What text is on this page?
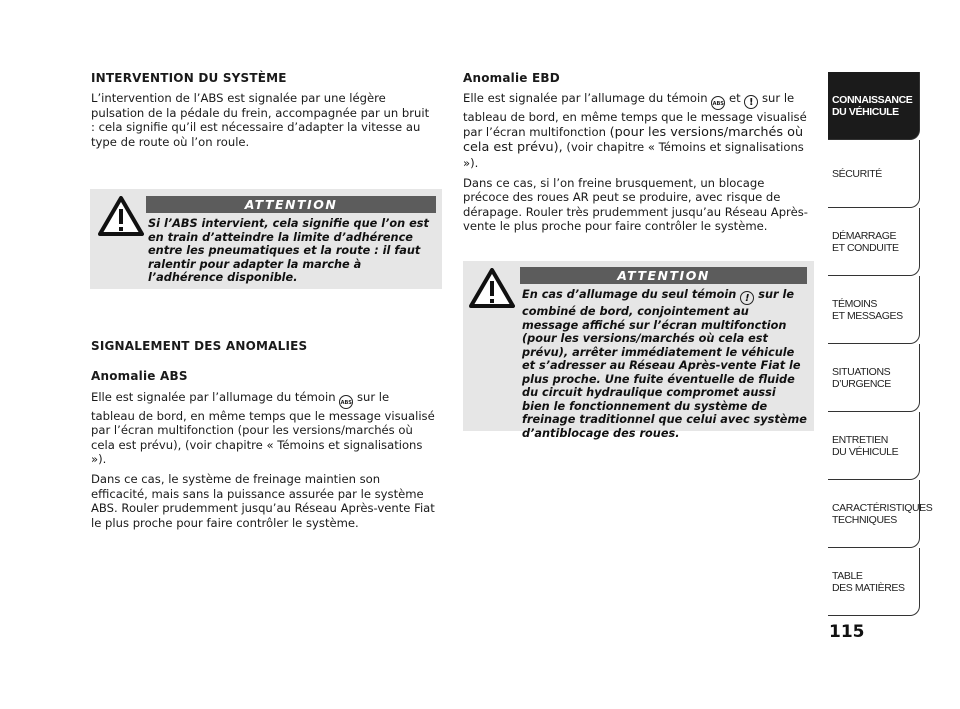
INTERVENTION DU SYSTÈME

L’intervention de l’ABS est signalée par une légère pulsation de la pédale du frein, accompagnée par un bruit : cela signifie qu’il est nécessaire d’adapter la vitesse au type de route où l’on roule.

ATTENTION
Si l’ABS intervient, cela signifie que l’on est en train d’atteindre la limite d’adhérence entre les pneumatiques et la route : il faut ralentir pour adapter la marche à l’adhérence disponible.
SIGNALEMENT DES ANOMALIES
Anomalie ABS

Elle est signalée par l’allumage du témoin ABS sur le tableau de bord, en même temps que le message visualisé par l’écran multifonction (pour les versions/marchés où cela est prévu), (voir chapitre « Témoins et signalisations »).

Dans ce cas, le système de freinage maintien son efficacité, mais sans la puissance assurée par le système ABS. Rouler prudemment jusqu’au Réseau Après-vente Fiat le plus proche pour faire contrôler le système.

Anomalie EBD

Elle est signalée par l’allumage du témoin ABS et ! sur le tableau de bord, en même temps que le message visualisé par l’écran multifonction (pour les versions/marchés où cela est prévu), (voir chapitre « Témoins et signalisations »).

Dans ce cas, si l’on freine brusquement, un blocage précoce des roues AR peut se produire, avec risque de dérapage. Rouler très prudemment jusqu’au Réseau Après-vente le plus proche pour faire contrôler le système.

ATTENTION
En cas d’allumage du seul témoin ! sur le combiné de bord, conjointement au message affiché sur l’écran multifonction (pour les versions/marchés où cela est prévu), arrêter immédiatement le véhicule et s’adresser au Réseau Après-vente Fiat le plus proche. Une fuite éventuelle de fluide du circuit hydraulique compromet aussi bien le fonctionnement du système de freinage traditionnel que celui avec système d’antiblocage des roues.
CONNAISSANCE
DU VÉHICULE
SÉCURITÉ
DÉMARRAGE
ET CONDUITE
TÉMOINS
ET MESSAGES
SITUATIONS
D’URGENCE
ENTRETIEN
DU VÉHICULE
CARACTÉRISTIQUES
TECHNIQUES
TABLE
DES MATIÈRES
115
